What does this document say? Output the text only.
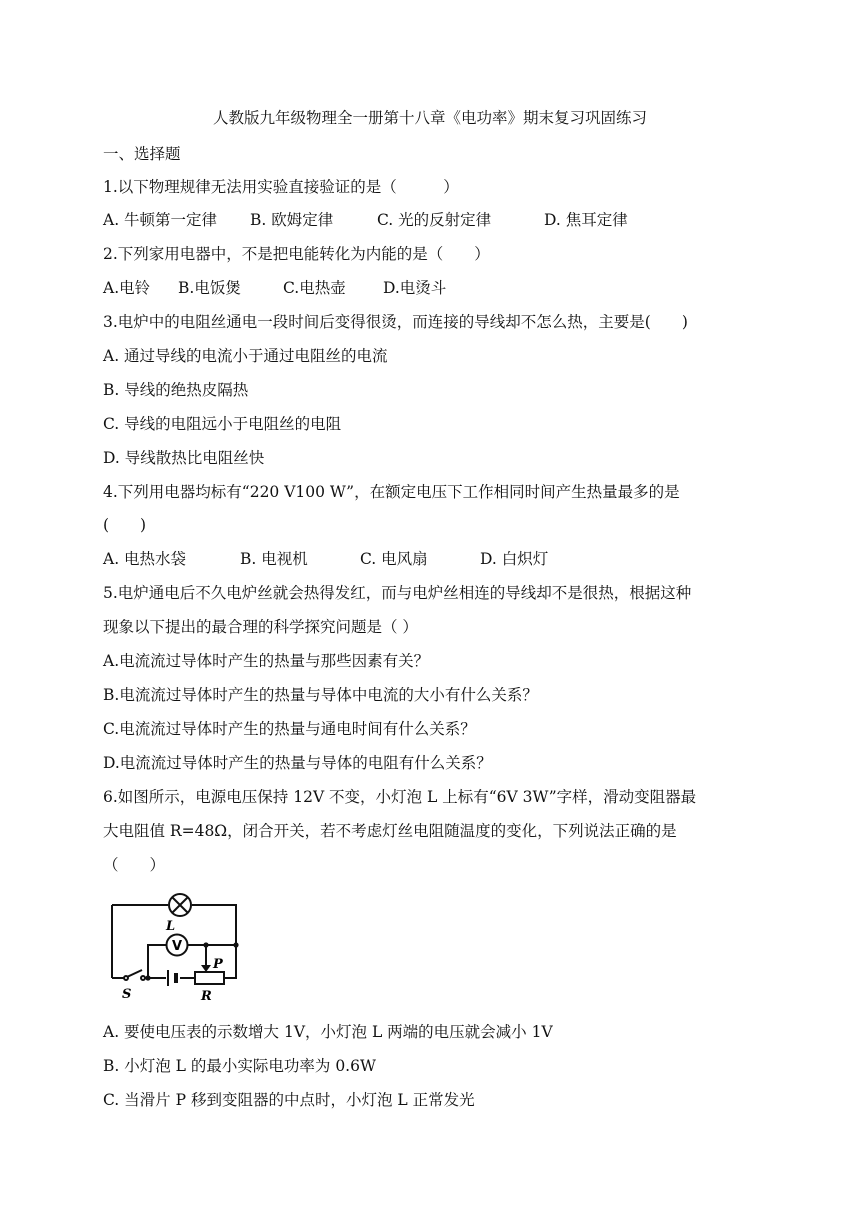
人教版九年级物理全一册第十八章《电功率》期末复习巩固练习
一、选择题
1.以下物理规律无法用实验直接验证的是（　　　）
A. 牛顿第一定律 B. 欧姆定律	C. 光的反射定律	D. 焦耳定律
2.下列家用电器中，不是把电能转化为内能的是（　　）
A.电铃 B.电饭煲	C.电热壶 D.电烫斗
3.电炉中的电阻丝通电一段时间后变得很烫，而连接的导线却不怎么热，主要是(　　)
A. 通过导线的电流小于通过电阻丝的电流
B. 导线的绝热皮隔热
C. 导线的电阻远小于电阻丝的电阻
D. 导线散热比电阻丝快
4.下列用电器均标有“220 V100 W”，在额定电压下工作相同时间产生热量最多的是
(　　)
A. 电热水袋	B. 电视机	C. 电风扇	D. 白炽灯
5.电炉通电后不久电炉丝就会热得发红，而与电炉丝相连的导线却不是很热，根据这种
现象以下提出的最合理的科学探究问题是（ ）
A.电流流过导体时产生的热量与那些因素有关？
B.电流流过导体时产生的热量与导体中电流的大小有什么关系？
C.电流流过导体时产生的热量与通电时间有什么关系？
D.电流流过导体时产生的热量与导体的电阻有什么关系？
6.如图所示，电源电压保持 12V 不变，小灯泡 L 上标有“6V 3W”字样，滑动变阻器最
大电阻值 R=48Ω，闭合开关，若不考虑灯丝电阻随温度的变化，下列说法正确的是
（　　）
L
V
S
P
R
A. 要使电压表的示数增大 1V，小灯泡 L 两端的电压就会减小 1V
B. 小灯泡 L 的最小实际电功率为 0.6W
C. 当滑片 P 移到变阻器的中点时，小灯泡 L 正常发光
